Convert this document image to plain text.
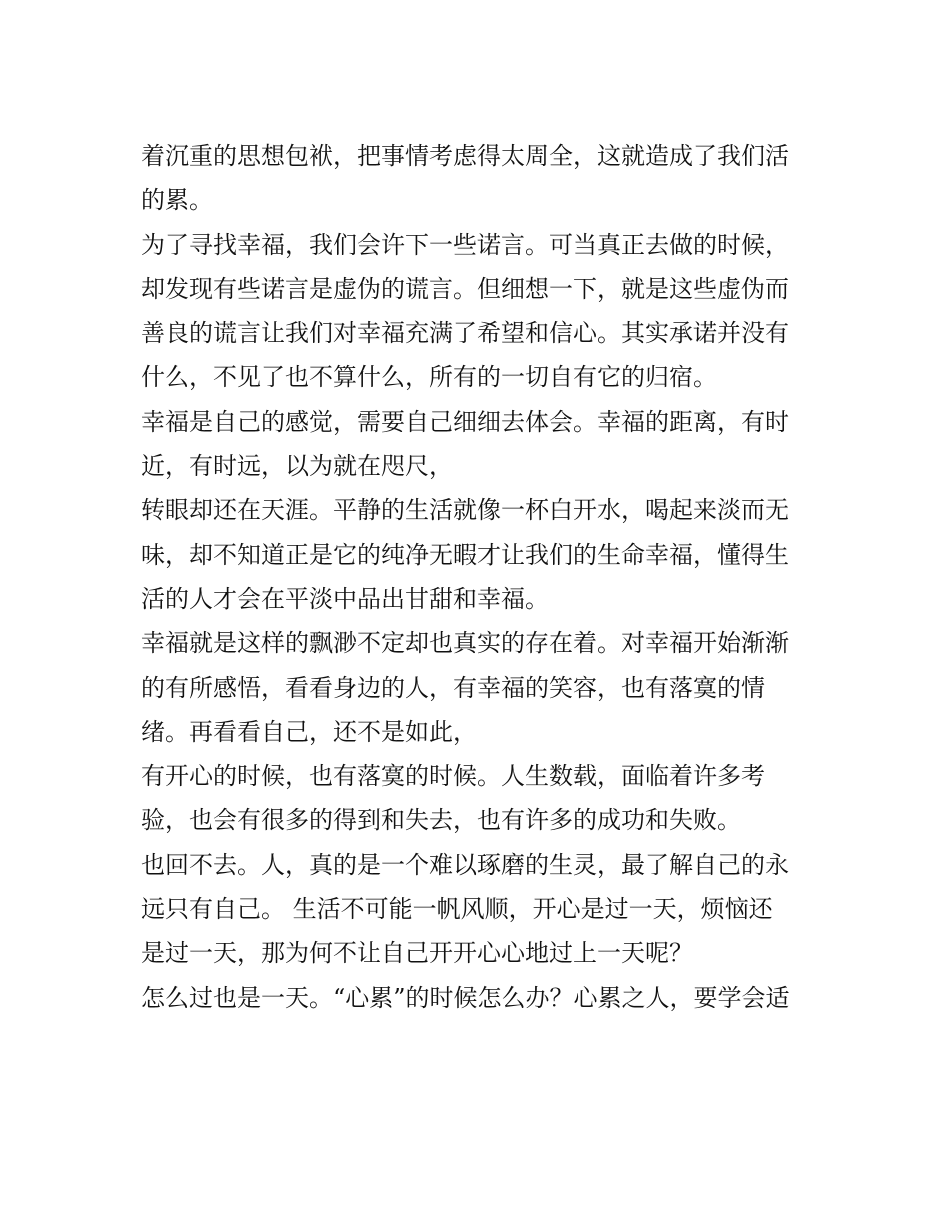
着沉重的思想包袱，把事情考虑得太周全，这就造成了我们活
的累。
为了寻找幸福，我们会许下一些诺言。可当真正去做的时候，
却发现有些诺言是虚伪的谎言。但细想一下，就是这些虚伪而
善良的谎言让我们对幸福充满了希望和信心。其实承诺并没有
什么，不见了也不算什么，所有的一切自有它的归宿。
幸福是自己的感觉，需要自己细细去体会。幸福的距离，有时
近，有时远，以为就在咫尺，
转眼却还在天涯。平静的生活就像一杯白开水，喝起来淡而无
味，却不知道正是它的纯净无暇才让我们的生命幸福，懂得生
活的人才会在平淡中品出甘甜和幸福。
幸福就是这样的飘渺不定却也真实的存在着。对幸福开始渐渐
的有所感悟，看看身边的人，有幸福的笑容，也有落寞的情
绪。再看看自己，还不是如此，
有开心的时候，也有落寞的时候。人生数载，面临着许多考
验，也会有很多的得到和失去，也有许多的成功和失败。
也回不去。人，真的是一个难以琢磨的生灵，最了解自己的永
远只有自己。 生活不可能一帆风顺，开心是过一天，烦恼还
是过一天，那为何不让自己开开心心地过上一天呢？
怎么过也是一天。“心累”的时候怎么办？心累之人，要学会适
